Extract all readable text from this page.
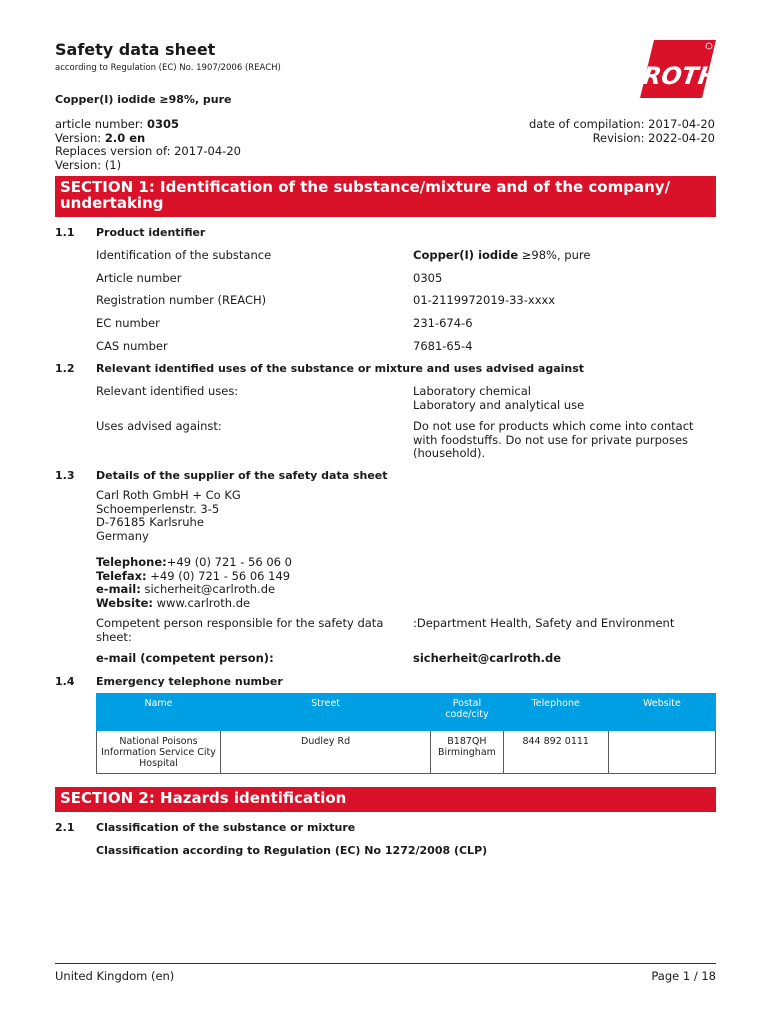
Safety data sheet
according to Regulation (EC) No. 1907/2006 (REACH)	ROTH
Copper(I) iodide ≥98%, pure
article number: 0305
Version: 2.0 en
Replaces version of: 2017-04-20
Version: (1)
date of compilation: 2017-04-20
Revision: 2022-04-20
SECTION 1: Identification of the substance/mixture and of the company/ undertaking
1.1 Product identifier
Identification of the substance	Copper(I) iodide ≥98%, pure
Article number	0305
Registration number (REACH)	01-2119972019-33-xxxx
EC number	231-674-6
CAS number	7681-65-4
1.2 Relevant identified uses of the substance or mixture and uses advised against
Relevant identified uses:	Laboratory chemical
Laboratory and analytical use
Uses advised against:	Do not use for products which come into contact with foodstuffs. Do not use for private purposes (household).
1.3 Details of the supplier of the safety data sheet
Carl Roth GmbH + Co KG
Schoemperlenstr. 3-5
D-76185 Karlsruhe
Germany
Telephone:+49 (0) 721 - 56 06 0
Telefax: +49 (0) 721 - 56 06 149
e-mail: sicherheit@carlroth.de
Website: www.carlroth.de
Competent person responsible for the safety data sheet:
:Department Health, Safety and Environment
e-mail (competent person):	sicherheit@carlroth.de
1.4 Emergency telephone number
Name	Street	Postal code/city	Telephone	Website
National Poisons Information Service City Hospital	Dudley Rd	B187QH Birmingham	844 892 0111	
SECTION 2: Hazards identification
2.1 Classification of the substance or mixture
Classification according to Regulation (EC) No 1272/2008 (CLP)
United Kingdom (en)	Page 1 / 18
